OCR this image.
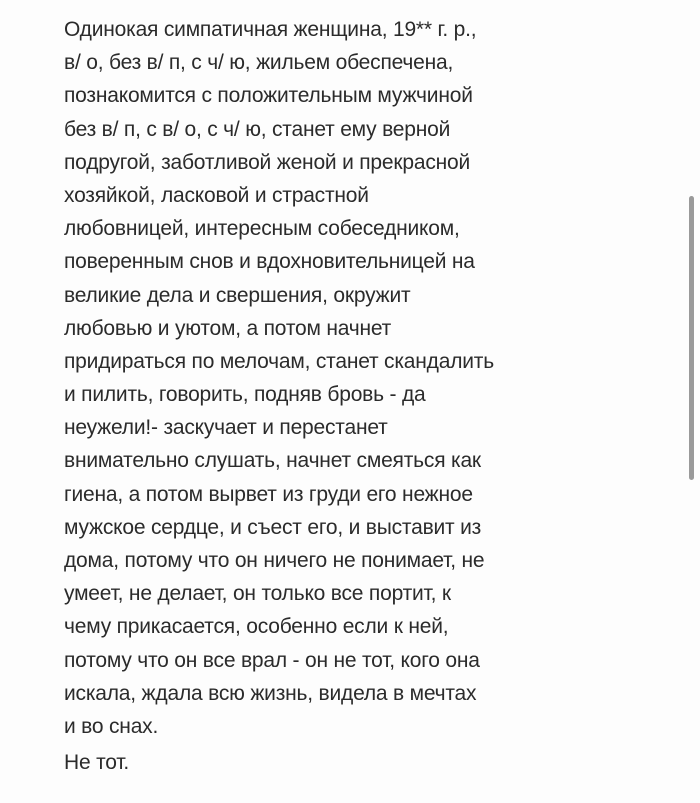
Одинокая симпатичная женщина, 19** г. р.,
в/ о, без в/ п, с ч/ ю, жильем обеспечена,
познакомится с положительным мужчиной
без в/ п, с в/ о, с ч/ ю, станет ему верной
подругой, заботливой женой и прекрасной
хозяйкой, ласковой и страстной
любовницей, интересным собеседником,
поверенным снов и вдохновительницей на
великие дела и свершения, окружит
любовью и уютом, а потом начнет
придираться по мелочам, станет скандалить
и пилить, говорить, подняв бровь - да
неужели!- заскучает и перестанет
внимательно слушать, начнет смеяться как
гиена, а потом вырвет из груди его нежное
мужское сердце, и съест его, и выставит из
дома, потому что он ничего не понимает, не
умеет, не делает, он только все портит, к
чему прикасается, особенно если к ней,
потому что он все врал - он не тот, кого она
искала, ждала всю жизнь, видела в мечтах
и во снах.
Не тот.
